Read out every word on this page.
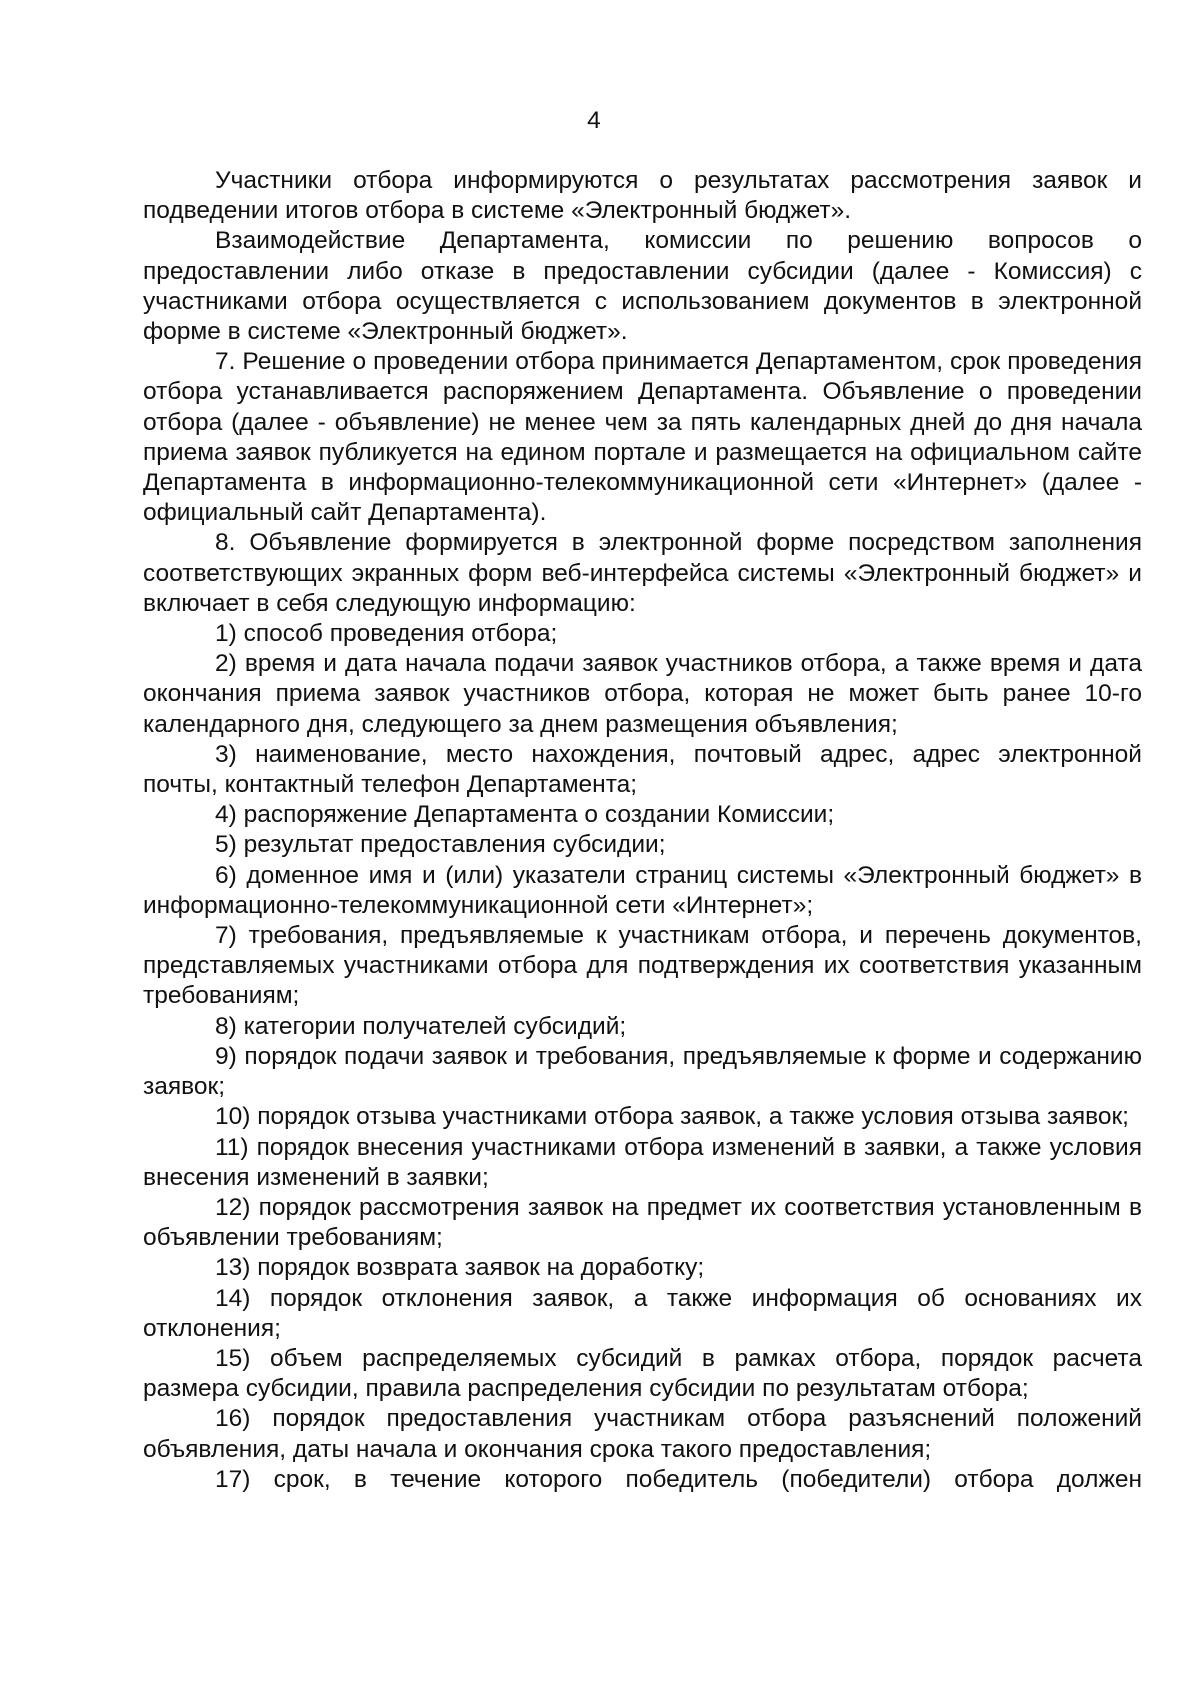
4

Участники отбора информируются о результатах рассмотрения заявок и подведении итогов отбора в системе «Электронный бюджет».

Взаимодействие Департамента, комиссии по решению вопросов о предоставлении либо отказе в предоставлении субсидии (далее - Комиссия) с участниками отбора осуществляется с использованием документов в электронной форме в системе «Электронный бюджет».

7. Решение о проведении отбора принимается Департаментом, срок проведения отбора устанавливается распоряжением Департамента. Объявление о проведении отбора (далее - объявление) не менее чем за пять календарных дней до дня начала приема заявок публикуется на едином портале и размещается на официальном сайте Департамента в информационно-телекоммуникационной сети «Интернет» (далее - официальный сайт Департамента).

8. Объявление формируется в электронной форме посредством заполнения соответствующих экранных форм веб-интерфейса системы «Электронный бюджет» и включает в себя следующую информацию:

1) способ проведения отбора;

2) время и дата начала подачи заявок участников отбора, а также время и дата окончания приема заявок участников отбора, которая не может быть ранее 10-го календарного дня, следующего за днем размещения объявления;

3) наименование, место нахождения, почтовый адрес, адрес электронной почты, контактный телефон Департамента;

4) распоряжение Департамента о создании Комиссии;

5) результат предоставления субсидии;

6) доменное имя и (или) указатели страниц системы «Электронный бюджет» в информационно-телекоммуникационной сети «Интернет»;

7) требования, предъявляемые к участникам отбора, и перечень документов, представляемых участниками отбора для подтверждения их соответствия указанным требованиям;

8) категории получателей субсидий;

9) порядок подачи заявок и требования, предъявляемые к форме и содержанию заявок;

10) порядок отзыва участниками отбора заявок, а также условия отзыва заявок;

11) порядок внесения участниками отбора изменений в заявки, а также условия внесения изменений в заявки;

12) порядок рассмотрения заявок на предмет их соответствия установленным в объявлении требованиям;

13) порядок возврата заявок на доработку;

14) порядок отклонения заявок, а также информация об основаниях их отклонения;

15) объем распределяемых субсидий в рамках отбора, порядок расчета размера субсидии, правила распределения субсидии по результатам отбора;

16) порядок предоставления участникам отбора разъяснений положений объявления, даты начала и окончания срока такого предоставления;

17) срок, в течение которого победитель (победители) отбора должен
